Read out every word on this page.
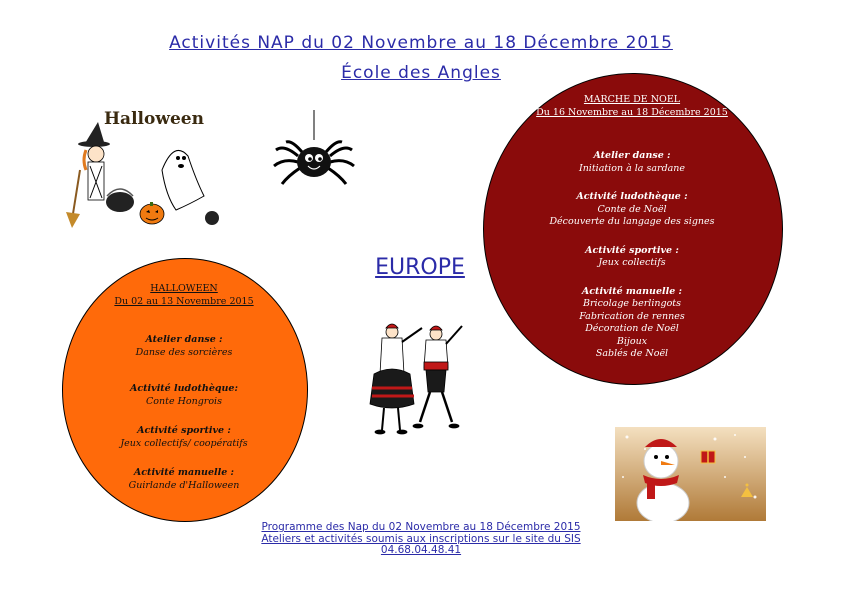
Activités NAP du 02 Novembre au 18 Décembre 2015
École des Angles
Halloween
HALLOWEEN
Du 02 au 13 Novembre 2015
Atelier danse :
Danse des sorcières
Activité ludothèque:
Conte Hongrois
Activité sportive :
Jeux collectifs/ coopératifs
Activité manuelle :
Guirlande d'Halloween
MARCHE DE NOEL
Du 16 Novembre au 18 Décembre 2015
Atelier danse :
Initiation à la sardane
Activité ludothèque :
Conte de Noël
Découverte du langage des signes
Activité sportive :
Jeux collectifs
Activité manuelle :
Bricolage berlingots
Fabrication de rennes
Décoration de Noël
Bijoux
Sablés de Noël
EUROPE
Programme des Nap du 02 Novembre au 18 Décembre 2015
Ateliers et activités soumis aux inscriptions sur le site du SIS
04.68.04.48.41
